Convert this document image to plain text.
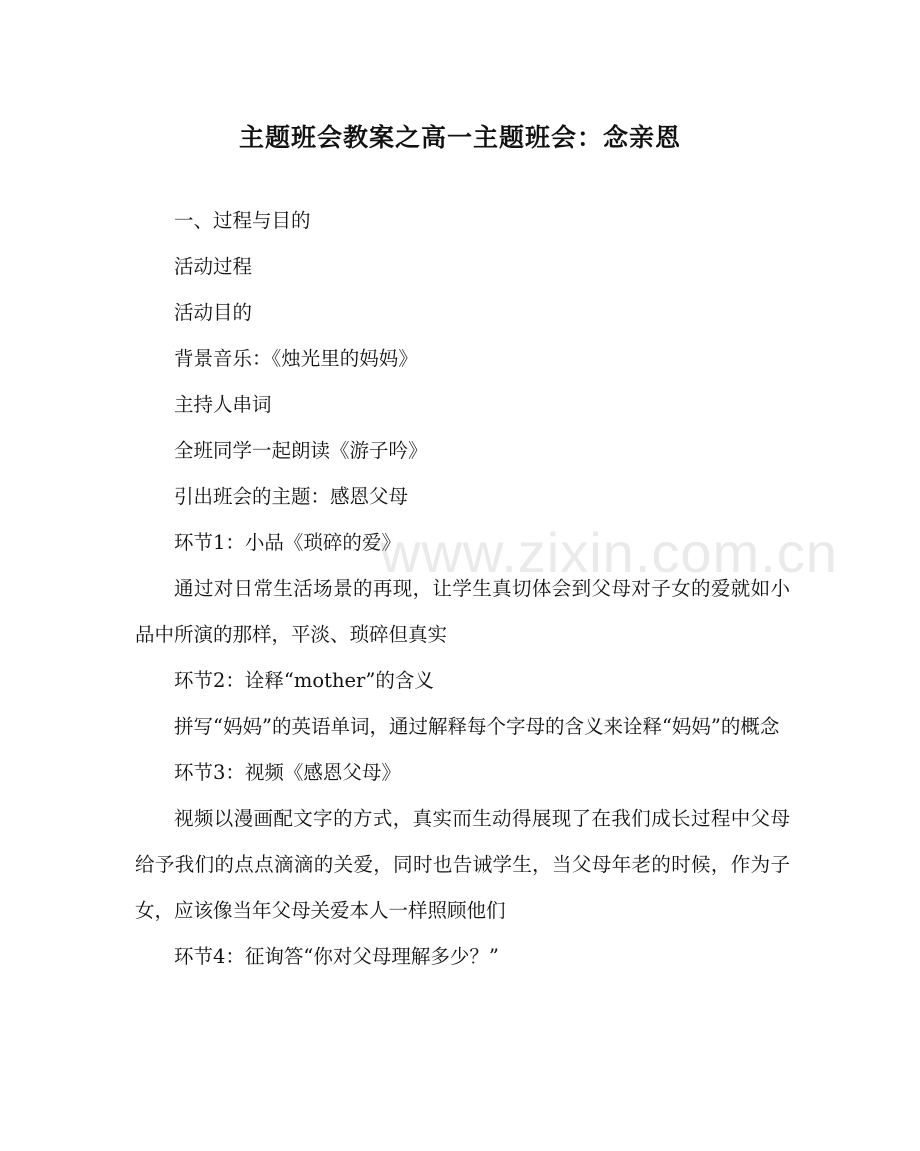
主题班会教案之高一主题班会：念亲恩

一、过程与目的

活动过程

活动目的

背景音乐：《烛光里的妈妈》

主持人串词

全班同学一起朗读《游子吟》

引出班会的主题：感恩父母

环节1：小品《琐碎的爱》

通过对日常生活场景的再现，让学生真切体会到父母对子女的爱就如小品中所演的那样，平淡、琐碎但真实

环节2：诠释“mother”的含义

拼写“妈妈”的英语单词，通过解释每个字母的含义来诠释“妈妈”的概念

环节3：视频《感恩父母》

视频以漫画配文字的方式，真实而生动得展现了在我们成长过程中父母给予我们的点点滴滴的关爱，同时也告诫学生，当父母年老的时候，作为子女，应该像当年父母关爱本人一样照顾他们

环节4：征询答“你对父母理解多少？”

www.zixin.com.cn
